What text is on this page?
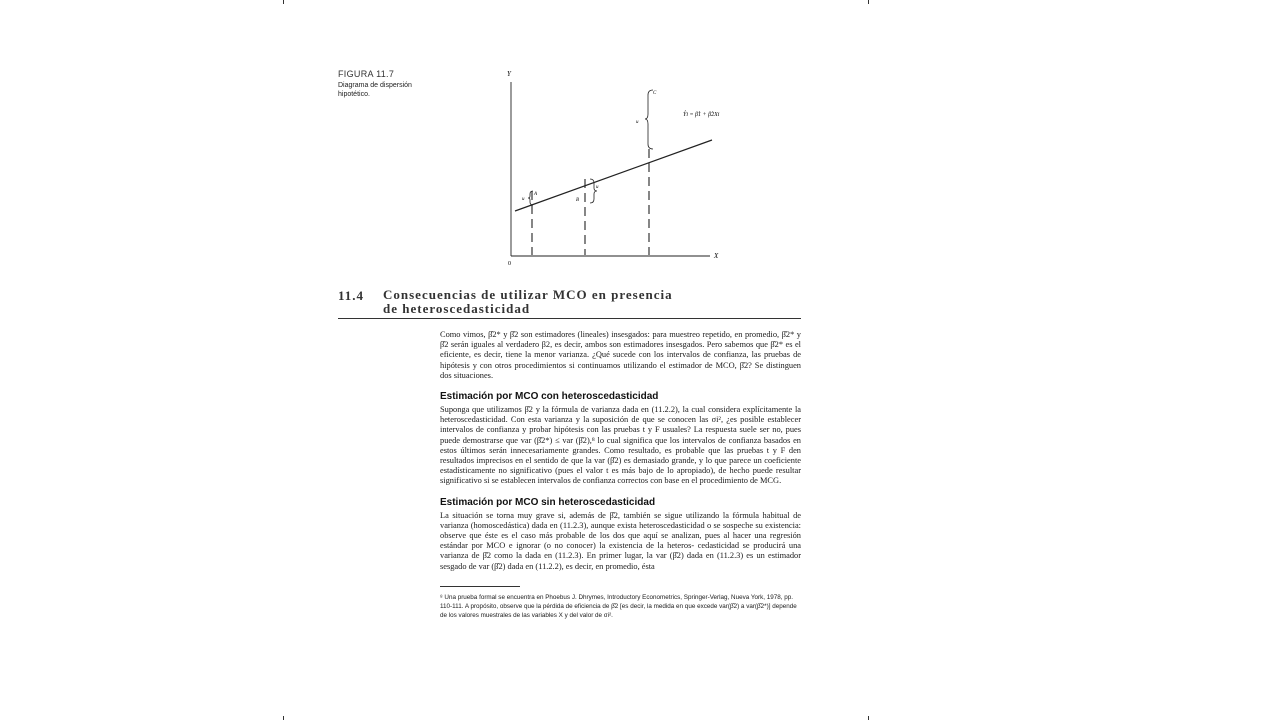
FIGURA 11.7
Diagrama de dispersión hipotético.
Y
X
0
Ŷi = β̂1 + β̂2Xi
A
u	B
u
C
u
11.4 Consecuencias de utilizar MCO en presencia de heteroscedasticidad

Como vimos, β̂2* y β̂2 son estimadores (lineales) insesgados: para muestreo repetido, en promedio, β̂2* y β̂2 serán iguales al verdadero β2, es decir, ambos son estimadores insesgados. Pero sabemos que β̂2* es el eficiente, es decir, tiene la menor varianza. ¿Qué sucede con los intervalos de confianza, las pruebas de hipótesis y con otros procedimientos si continuamos utilizando el estimador de MCO, β̂2? Se distinguen dos situaciones.

Estimación por MCO con heteroscedasticidad

Suponga que utilizamos β̂2 y la fórmula de varianza dada en (11.2.2), la cual considera explícitamente la heteroscedasticidad. Con esta varianza y la suposición de que se conocen las σi², ¿es posible establecer intervalos de confianza y probar hipótesis con las pruebas t y F usuales? La respuesta suele ser no, pues puede demostrarse que var (β̂2*) ≤ var (β̂2),⁸ lo cual significa que los intervalos de confianza basados en estos últimos serán innecesariamente grandes. Como resultado, es probable que las pruebas t y F den resultados imprecisos en el sentido de que la var (β̂2) es demasiado grande, y lo que parece un coeficiente estadísticamente no significativo (pues el valor t es más bajo de lo apropiado), de hecho puede resultar significativo si se establecen intervalos de confianza correctos con base en el procedimiento de MCG.

Estimación por MCO sin heteroscedasticidad

La situación se torna muy grave si, además de β̂2, también se sigue utilizando la fórmula habitual de varianza (homoscedástica) dada en (11.2.3), aunque exista heteroscedasticidad o se sospeche su existencia: observe que éste es el caso más probable de los dos que aquí se analizan, pues al hacer una regresión estándar por MCO e ignorar (o no conocer) la existencia de la heteros- cedasticidad se producirá una varianza de β̂2 como la dada en (11.2.3). En primer lugar, la var (β̂2) dada en (11.2.3) es un estimador sesgado de var (β̂2) dada en (11.2.2), es decir, en promedio, ésta

⁸ Una prueba formal se encuentra en Phoebus J. Dhrymes, Introductory Econometrics, Springer-Verlag, Nueva York, 1978, pp. 110-111. A propósito, observe que la pérdida de eficiencia de β̂2 [es decir, la medida en que excede var(β̂2) a var(β̂2*)] depende de los valores muestrales de las variables X y del valor de σi².
